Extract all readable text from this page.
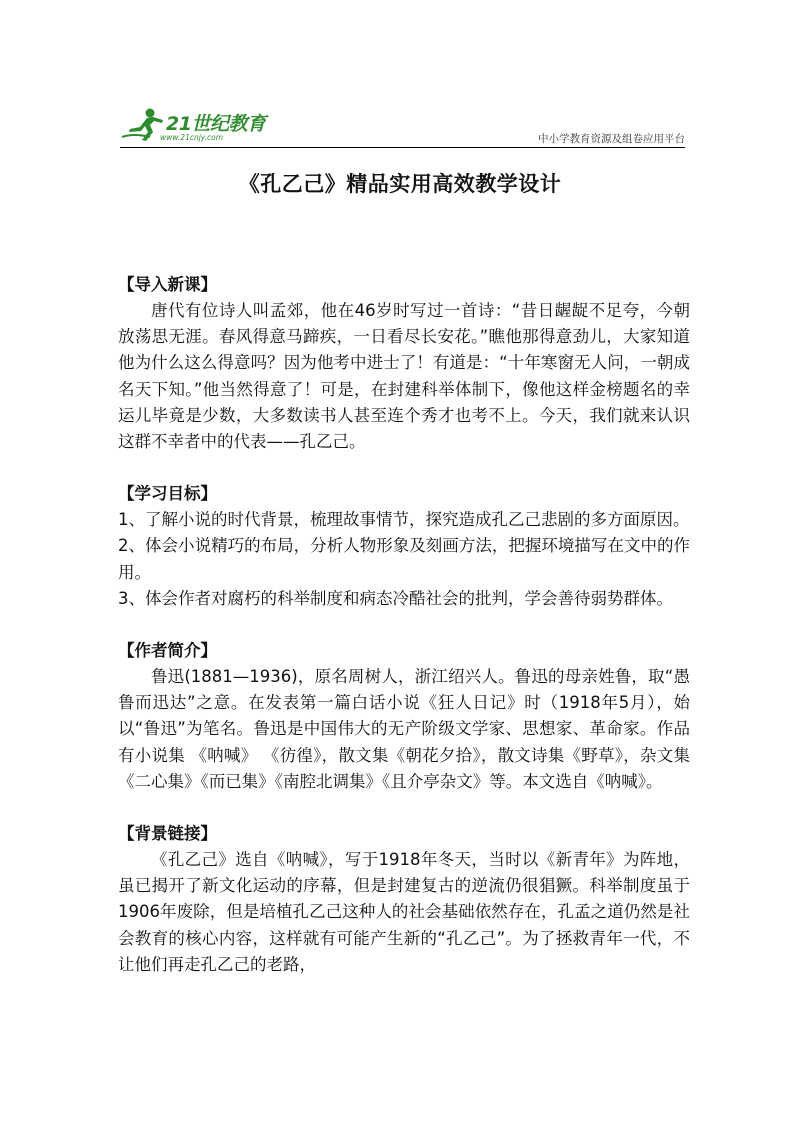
21世纪教育
www.21cnjy.com	中小学教育资源及组卷应用平台
《孔乙己》精品实用高效教学设计

【导入新课】

唐代有位诗人叫孟郊，他在46岁时写过一首诗：“昔日龌龊不足夸，今朝放荡思无涯。春风得意马蹄疾，一日看尽长安花。”瞧他那得意劲儿，大家知道他为什么这么得意吗？因为他考中进士了！有道是：“十年寒窗无人问，一朝成名天下知。”他当然得意了！可是，在封建科举体制下，像他这样金榜题名的幸运儿毕竟是少数，大多数读书人甚至连个秀才也考不上。今天，我们就来认识这群不幸者中的代表——孔乙己。

【学习目标】

1、了解小说的时代背景，梳理故事情节，探究造成孔乙己悲剧的多方面原因。

2、体会小说精巧的布局，分析人物形象及刻画方法，把握环境描写在文中的作用。

3、体会作者对腐朽的科举制度和病态冷酷社会的批判，学会善待弱势群体。

【作者简介】

鲁迅(1881—1936)，原名周树人，浙江绍兴人。鲁迅的母亲姓鲁，取“愚鲁而迅达”之意。在发表第一篇白话小说《狂人日记》时（1918年5月），始以“鲁迅”为笔名。鲁迅是中国伟大的无产阶级文学家、思想家、革命家。作品有小说集 《呐喊》 《彷徨》，散文集《朝花夕拾》，散文诗集《野草》，杂文集《二心集》《而已集》《南腔北调集》《且介亭杂文》等。本文选自《呐喊》。

【背景链接】

《孔乙己》选自《呐喊》，写于1918年冬天，当时以《新青年》为阵地，虽已揭开了新文化运动的序幕，但是封建复古的逆流仍很猖獗。科举制度虽于1906年废除，但是培植孔乙己这种人的社会基础依然存在，孔孟之道仍然是社会教育的核心内容，这样就有可能产生新的“孔乙己”。为了拯救青年一代，不让他们再走孔乙己的老路，
